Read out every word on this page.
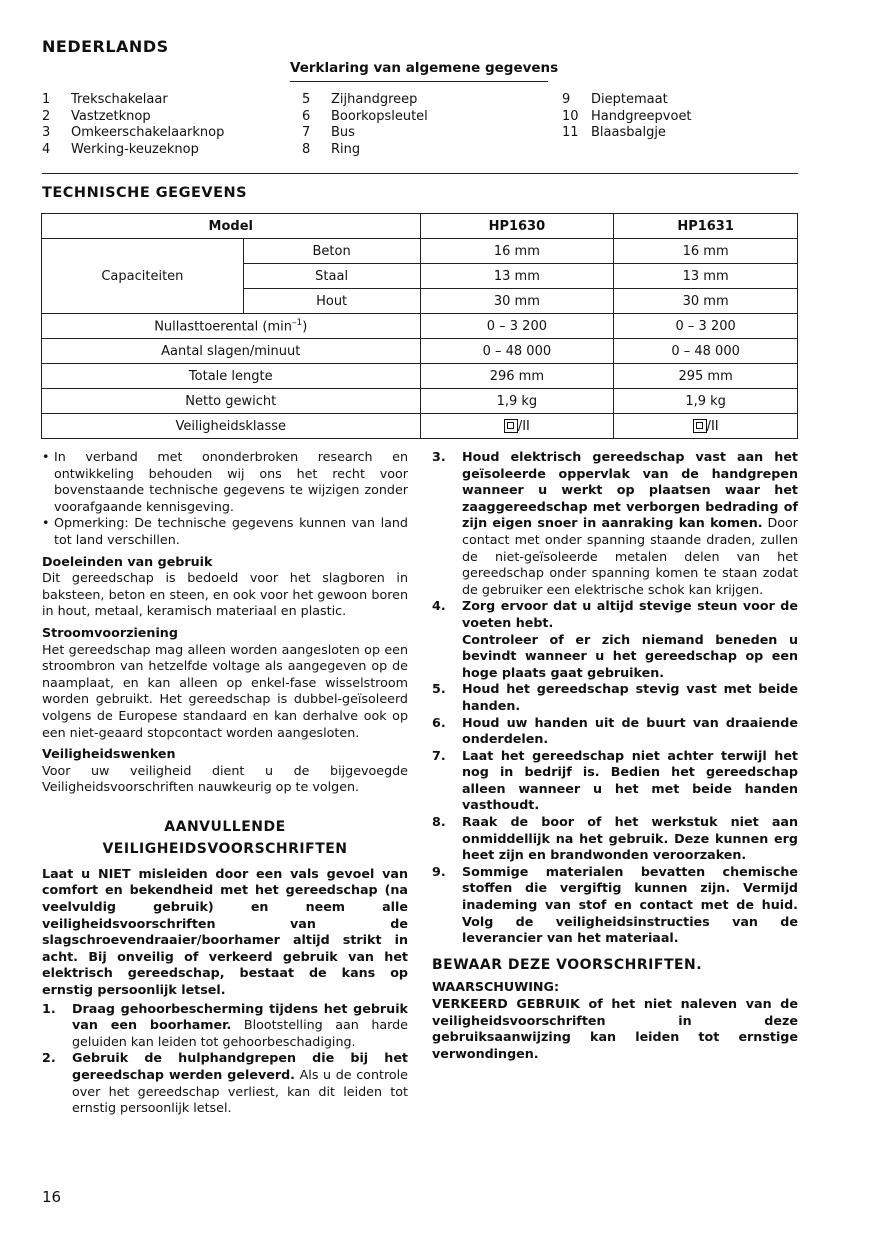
NEDERLANDS
Verklaring van algemene gegevens
1	Trekschakelaar
2	Vastzetknop
3	Omkeerschakelaarknop
4	Werking-keuzeknop
5	Zijhandgreep
6	Boorkopsleutel
7	Bus
8	Ring
9	Dieptemaat
10 Handgreepvoet
11 Blaasbalgje
TECHNISCHE GEGEVENS
Model		HP1630	HP1631
Capaciteiten	Beton	16 mm	16 mm
	Staal	13 mm	13 mm
	Hout	30 mm	30 mm
Nullasttoerental $(\min^{-1})$		0 – 3 200	0 – 3 200
Aantal slagen/minuut		0 – 48 000	0 – 48 000
Totale lengte		296 mm	295 mm
Netto gewicht		1,9 kg	1,9 kg
Veiligheidsklasse		/II	/II
• In verband met ononderbroken research en ontwikkeling behouden wij ons het recht voor bovenstaande technische gegevens te wijzigen zonder voorafgaande kennisgeving.
• Opmerking: De technische gegevens kunnen van land tot land verschillen.
Doeleinden van gebruik
Dit gereedschap is bedoeld voor het slagboren in baksteen, beton en steen, en ook voor het gewoon boren in hout, metaal, keramisch materiaal en plastic.
Stroomvoorziening
Het gereedschap mag alleen worden aangesloten op een stroombron van hetzelfde voltage als aangegeven op de naamplaat, en kan alleen op enkel-fase wisselstroom worden gebruikt. Het gereedschap is dubbel-geïsoleerd volgens de Europese standaard en kan derhalve ook op een niet-geaard stopcontact worden aangesloten.
Veiligheidswenken
Voor uw veiligheid dient u de bijgevoegde Veiligheidsvoorschriften nauwkeurig op te volgen.
AANVULLENDE
VEILIGHEIDSVOORSCHRIFTEN
Laat u NIET misleiden door een vals gevoel van comfort en bekendheid met het gereedschap (na veelvuldig gebruik) en neem alle veiligheidsvoorschriften van de slagschroevendraaier/boorhamer altijd strikt in acht. Bij onveilig of verkeerd gebruik van het elektrisch gereedschap, bestaat de kans op ernstig persoonlijk letsel.
1.	Draag gehoorbescherming tijdens het gebruik van een boorhamer. Blootstelling aan harde geluiden kan leiden tot gehoorbeschadiging.
2.	Gebruik de hulphandgrepen die bij het gereedschap werden geleverd. Als u de controle over het gereedschap verliest, kan dit leiden tot ernstig persoonlijk letsel.
3.	Houd elektrisch gereedschap vast aan het geïsoleerde oppervlak van de handgrepen wanneer u werkt op plaatsen waar het zaaggereedschap met verborgen bedrading of zijn eigen snoer in aanraking kan komen. Door contact met onder spanning staande draden, zullen de niet-geïsoleerde metalen delen van het gereedschap onder spanning komen te staan zodat de gebruiker een elektrische schok kan krijgen.
4.	Zorg ervoor dat u altijd stevige steun voor de voeten hebt.
Controleer of er zich niemand beneden u bevindt wanneer u het gereedschap op een hoge plaats gaat gebruiken.
5.	Houd het gereedschap stevig vast met beide handen.
6.	Houd uw handen uit de buurt van draaiende onderdelen.
7.	Laat het gereedschap niet achter terwijl het nog in bedrijf is. Bedien het gereedschap alleen wanneer u het met beide handen vasthoudt.
8.	Raak de boor of het werkstuk niet aan onmiddellijk na het gebruik. Deze kunnen erg heet zijn en brandwonden veroorzaken.
9.	Sommige materialen bevatten chemische stoffen die vergiftig kunnen zijn. Vermijd inademing van stof en contact met de huid. Volg de veiligheidsinstructies van de leverancier van het materiaal.
BEWAAR DEZE VOORSCHRIFTEN.
WAARSCHUWING:
VERKEERD GEBRUIK of het niet naleven van de veiligheidsvoorschriften in deze gebruiksaanwijzing kan leiden tot ernstige verwondingen.
16
